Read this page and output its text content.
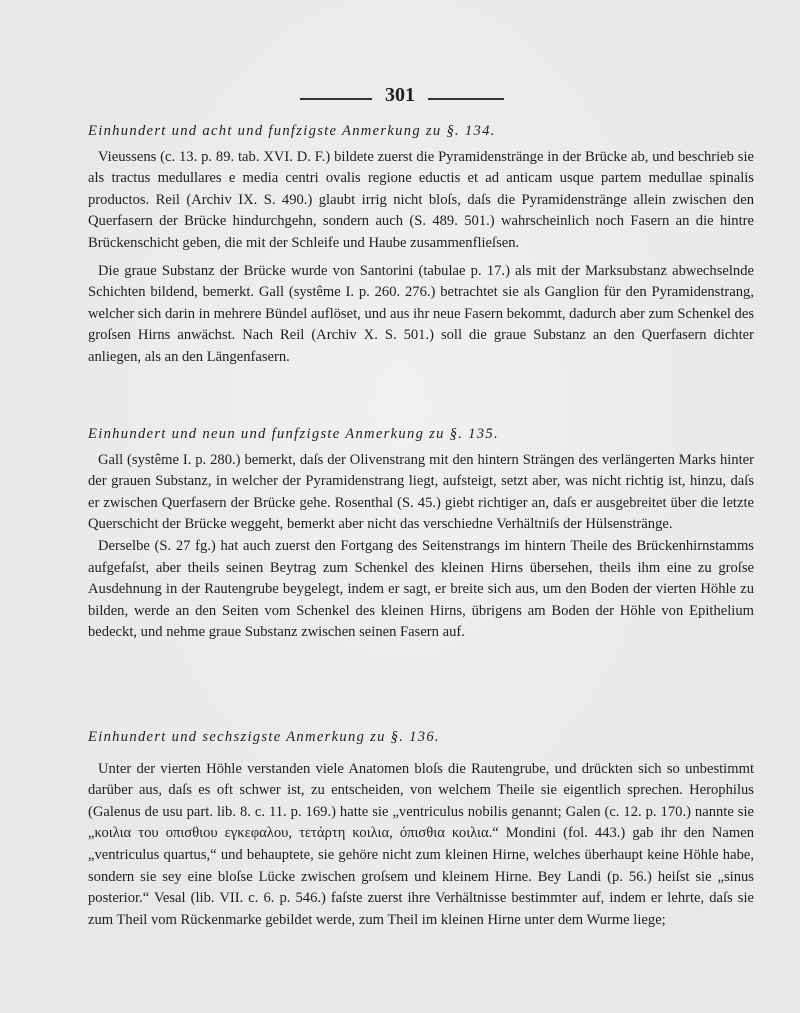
301

Einhundert und acht und funfzigste Anmerkung zu §. 134.

Vieussens (c. 13. p. 89. tab. XVI. D. F.) bildete zuerst die Pyramidenstränge in der Brücke ab, und beschrieb sie als tractus medullares e media centri ovalis regione eductis et ad anticam usque partem medullae spinalis productos. Reil (Archiv IX. S. 490.) glaubt irrig nicht bloſs, daſs die Pyramidenstränge allein zwischen den Querfasern der Brücke hindurchgehn, sondern auch (S. 489. 501.) wahrscheinlich noch Fasern an die hintre Brückenschicht geben, die mit der Schleife und Haube zusammenflieſsen.

Die graue Substanz der Brücke wurde von Santorini (tabulae p. 17.) als mit der Marksubstanz abwechselnde Schichten bildend, bemerkt. Gall (systême I. p. 260. 276.) betrachtet sie als Ganglion für den Pyramidenstrang, welcher sich darin in mehrere Bündel auflöset, und aus ihr neue Fasern bekommt, dadurch aber zum Schenkel des groſsen Hirns anwächst. Nach Reil (Archiv X. S. 501.) soll die graue Substanz an den Querfasern dichter anliegen, als an den Längenfasern.

Einhundert und neun und funfzigste Anmerkung zu §. 135.

Gall (systême I. p. 280.) bemerkt, daſs der Olivenstrang mit den hintern Strängen des verlängerten Marks hinter der grauen Substanz, in welcher der Pyramidenstrang liegt, aufsteigt, setzt aber, was nicht richtig ist, hinzu, daſs er zwischen Querfasern der Brücke gehe. Rosenthal (S. 45.) giebt richtiger an, daſs er ausgebreitet über die letzte Querschicht der Brücke weggeht, bemerkt aber nicht das verschiedne Verhältniſs der Hülsenstränge.

Derselbe (S. 27 fg.) hat auch zuerst den Fortgang des Seitenstrangs im hintern Theile des Brückenhirnstamms aufgefaſst, aber theils seinen Beytrag zum Schenkel des kleinen Hirns übersehen, theils ihm eine zu groſse Ausdehnung in der Rautengrube beygelegt, indem er sagt, er breite sich aus, um den Boden der vierten Höhle zu bilden, werde an den Seiten vom Schenkel des kleinen Hirns, übrigens am Boden der Höhle von Epithelium bedeckt, und nehme graue Substanz zwischen seinen Fasern auf.

Einhundert und sechszigste Anmerkung zu §. 136.

Unter der vierten Höhle verstanden viele Anatomen bloſs die Rautengrube, und drückten sich so unbestimmt darüber aus, daſs es oft schwer ist, zu entscheiden, von welchem Theile sie eigentlich sprechen. Herophilus (Galenus de usu part. lib. 8. c. 11. p. 169.) hatte sie „ventriculus nobilis genannt; Galen (c. 12. p. 170.) nannte sie „κοιλια του οπισθιου εγκεφαλου, τετάρτη κοιλια, όπισθια κοιλια.“ Mondini (fol. 443.) gab ihr den Namen „ventriculus quartus,“ und behauptete, sie gehöre nicht zum kleinen Hirne, welches überhaupt keine Höhle habe, sondern sie sey eine bloſse Lücke zwischen groſsem und kleinem Hirne. Bey Landi (p. 56.) heiſst sie „sinus posterior.“ Vesal (lib. VII. c. 6. p. 546.) faſste zuerst ihre Verhältnisse bestimmter auf, indem er lehrte, daſs sie zum Theil vom Rückenmarke gebildet werde, zum Theil im kleinen Hirne unter dem Wurme liege;
